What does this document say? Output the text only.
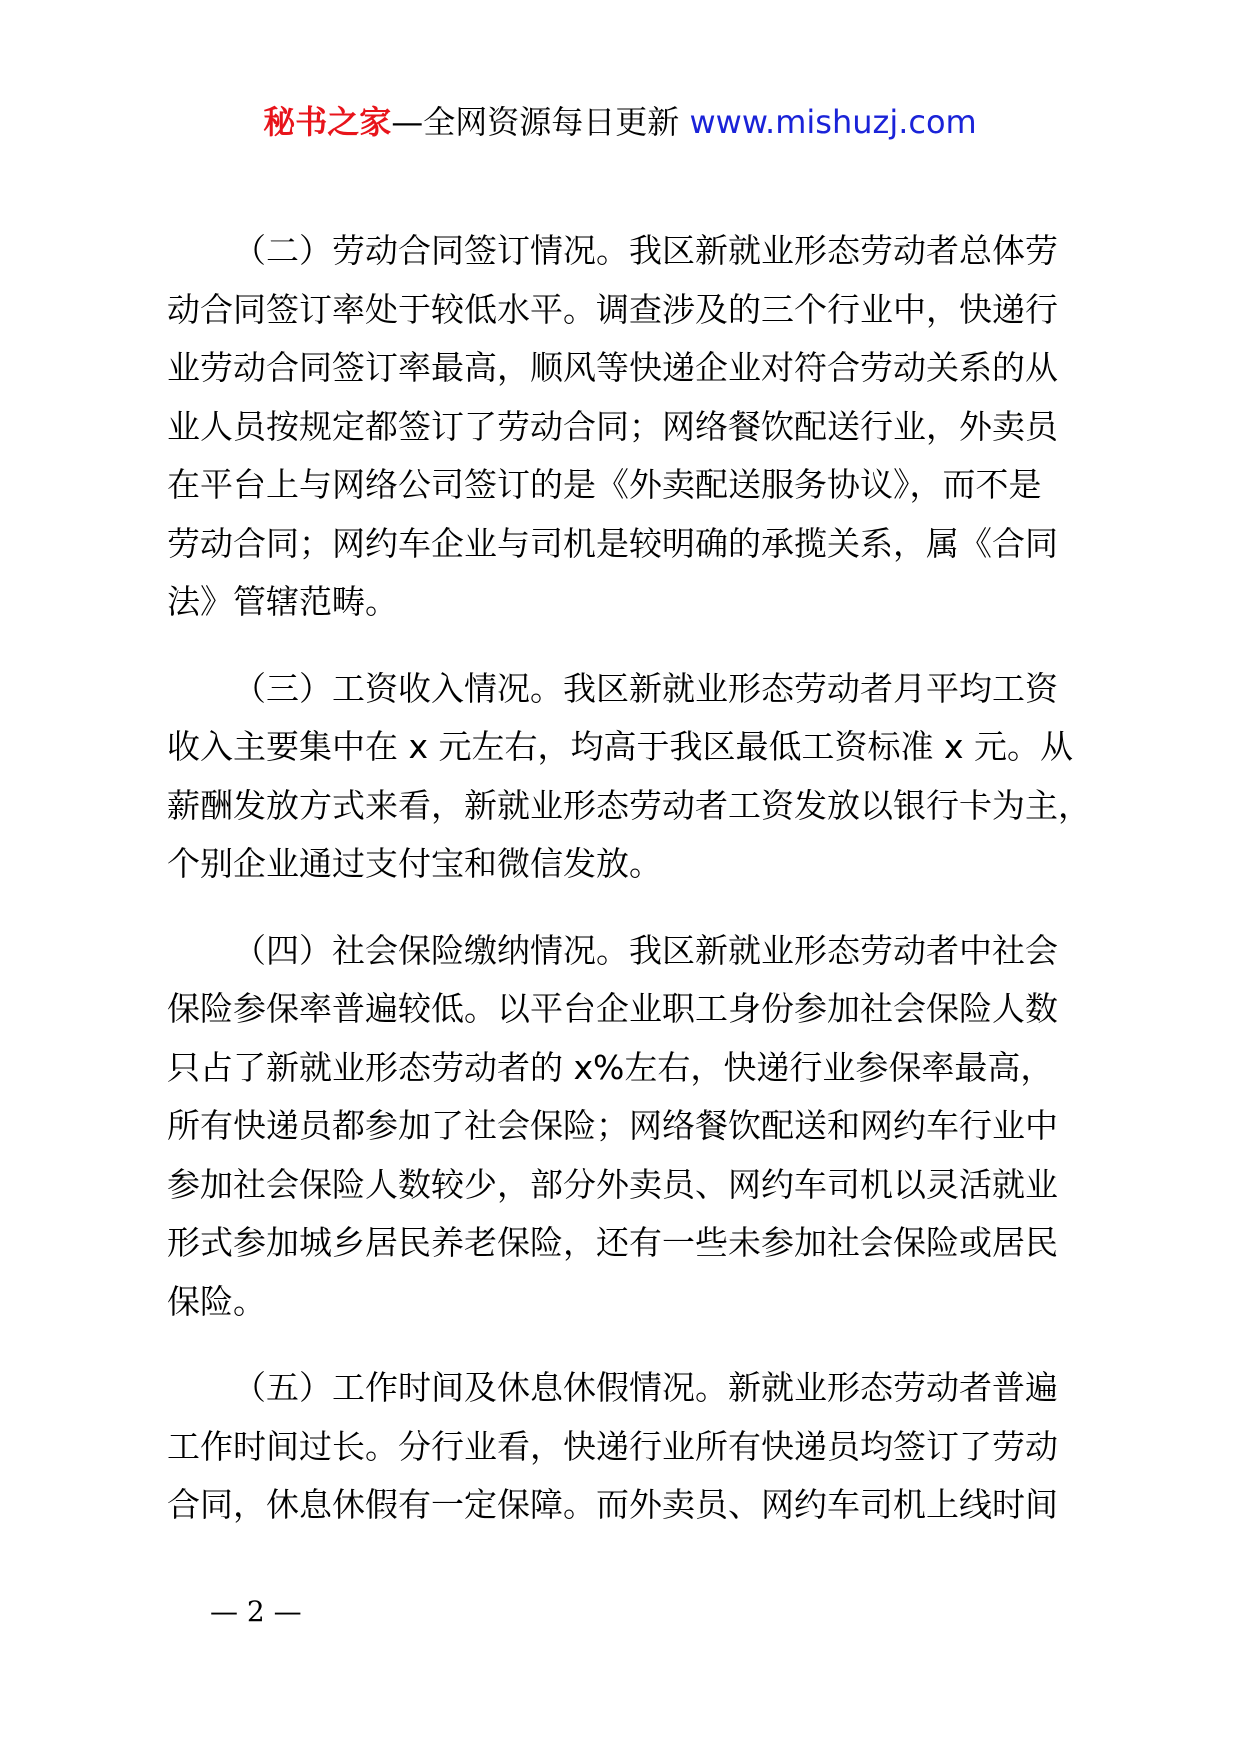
秘书之家—全网资源每日更新 www.mishuzj.com

（二）劳动合同签订情况。我区新就业形态劳动者总体劳
动合同签订率处于较低水平。调查涉及的三个行业中，快递行
业劳动合同签订率最高，顺风等快递企业对符合劳动关系的从
业人员按规定都签订了劳动合同；网络餐饮配送行业，外卖员
在平台上与网络公司签订的是《外卖配送服务协议》，而不是
劳动合同；网约车企业与司机是较明确的承揽关系，属《合同
法》管辖范畴。

（三）工资收入情况。我区新就业形态劳动者月平均工资
收入主要集中在 x 元左右，均高于我区最低工资标准 x 元。从
薪酬发放方式来看，新就业形态劳动者工资发放以银行卡为主，
个别企业通过支付宝和微信发放。

（四）社会保险缴纳情况。我区新就业形态劳动者中社会
保险参保率普遍较低。以平台企业职工身份参加社会保险人数
只占了新就业形态劳动者的 x%左右，快递行业参保率最高，
所有快递员都参加了社会保险；网络餐饮配送和网约车行业中
参加社会保险人数较少，部分外卖员、网约车司机以灵活就业
形式参加城乡居民养老保险，还有一些未参加社会保险或居民
保险。

（五）工作时间及休息休假情况。新就业形态劳动者普遍
工作时间过长。分行业看，快递行业所有快递员均签订了劳动
合同，休息休假有一定保障。而外卖员、网约车司机上线时间

— 2 —
